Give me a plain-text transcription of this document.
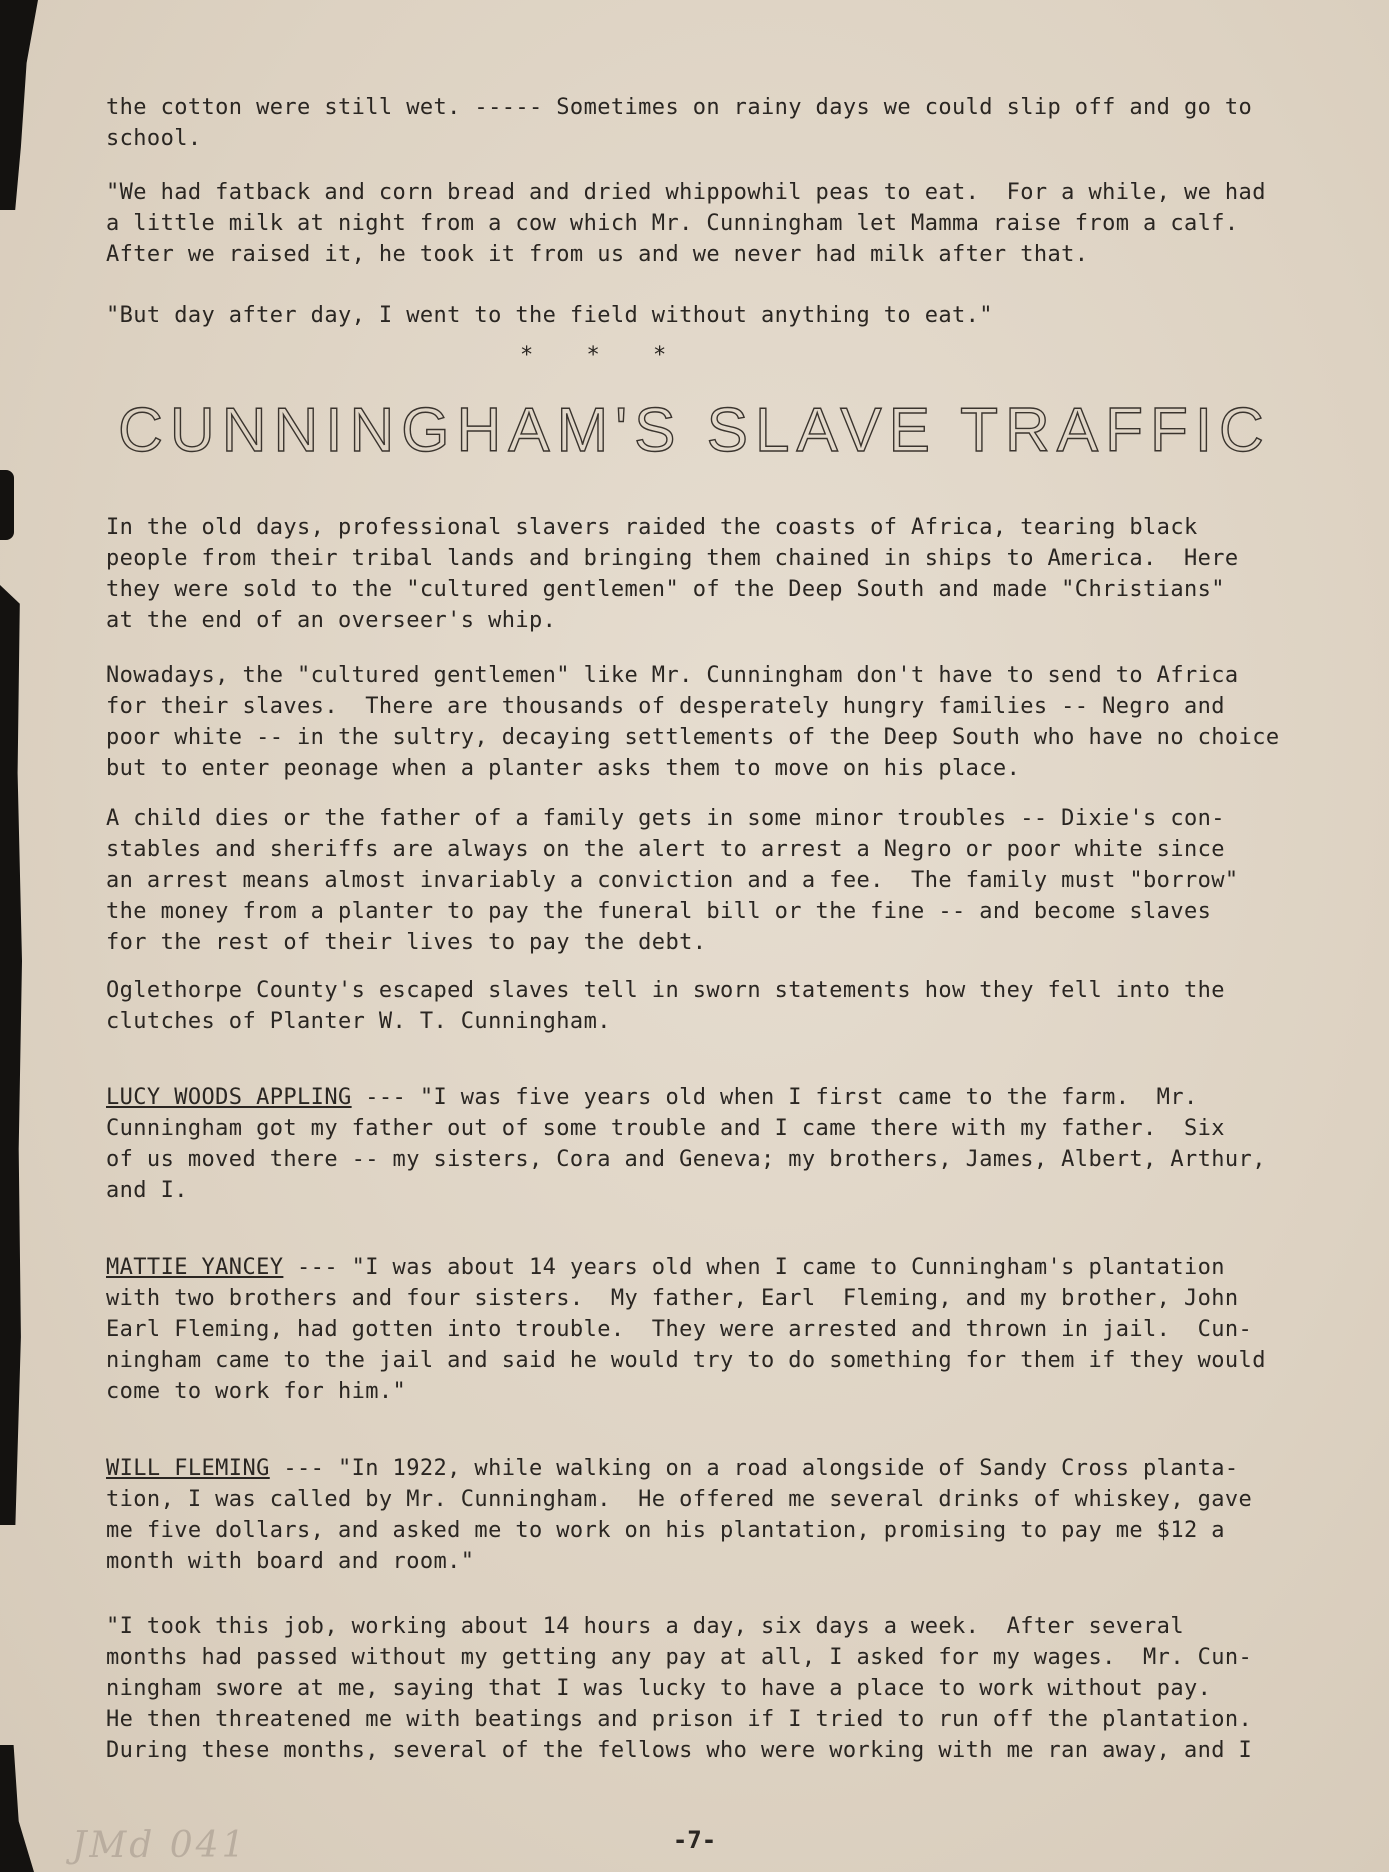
the cotton were still wet. ----- Sometimes on rainy days we could slip off and go to
school.
"We had fatback and corn bread and dried whippowhil peas to eat.  For a while, we had
a little milk at night from a cow which Mr. Cunningham let Mamma raise from a calf.
After we raised it, he took it from us and we never had milk after that.
"But day after day, I went to the field without anything to eat."
* * *
CUNNINGHAM'S SLAVE TRAFFIC
In the old days, professional slavers raided the coasts of Africa, tearing black
people from their tribal lands and bringing them chained in ships to America.  Here
they were sold to the "cultured gentlemen" of the Deep South and made "Christians"
at the end of an overseer's whip.
Nowadays, the "cultured gentlemen" like Mr. Cunningham don't have to send to Africa
for their slaves.  There are thousands of desperately hungry families -- Negro and
poor white -- in the sultry, decaying settlements of the Deep South who have no choice
but to enter peonage when a planter asks them to move on his place.
A child dies or the father of a family gets in some minor troubles -- Dixie's con-
stables and sheriffs are always on the alert to arrest a Negro or poor white since
an arrest means almost invariably a conviction and a fee.  The family must "borrow"
the money from a planter to pay the funeral bill or the fine -- and become slaves
for the rest of their lives to pay the debt.
Oglethorpe County's escaped slaves tell in sworn statements how they fell into the
clutches of Planter W. T. Cunningham.
LUCY WOODS APPLING --- "I was five years old when I first came to the farm.  Mr.
Cunningham got my father out of some trouble and I came there with my father.  Six
of us moved there -- my sisters, Cora and Geneva; my brothers, James, Albert, Arthur,
and I.
MATTIE YANCEY --- "I was about 14 years old when I came to Cunningham's plantation
with two brothers and four sisters.  My father, Earl  Fleming, and my brother, John
Earl Fleming, had gotten into trouble.  They were arrested and thrown in jail.  Cun-
ningham came to the jail and said he would try to do something for them if they would
come to work for him."
WILL FLEMING --- "In 1922, while walking on a road alongside of Sandy Cross planta-
tion, I was called by Mr. Cunningham.  He offered me several drinks of whiskey, gave
me five dollars, and asked me to work on his plantation, promising to pay me $12 a
month with board and room."
"I took this job, working about 14 hours a day, six days a week.  After several
months had passed without my getting any pay at all, I asked for my wages.  Mr. Cun-
ningham swore at me, saying that I was lucky to have a place to work without pay.
He then threatened me with beatings and prison if I tried to run off the plantation.
During these months, several of the fellows who were working with me ran away, and I
JMd 041	-7-
